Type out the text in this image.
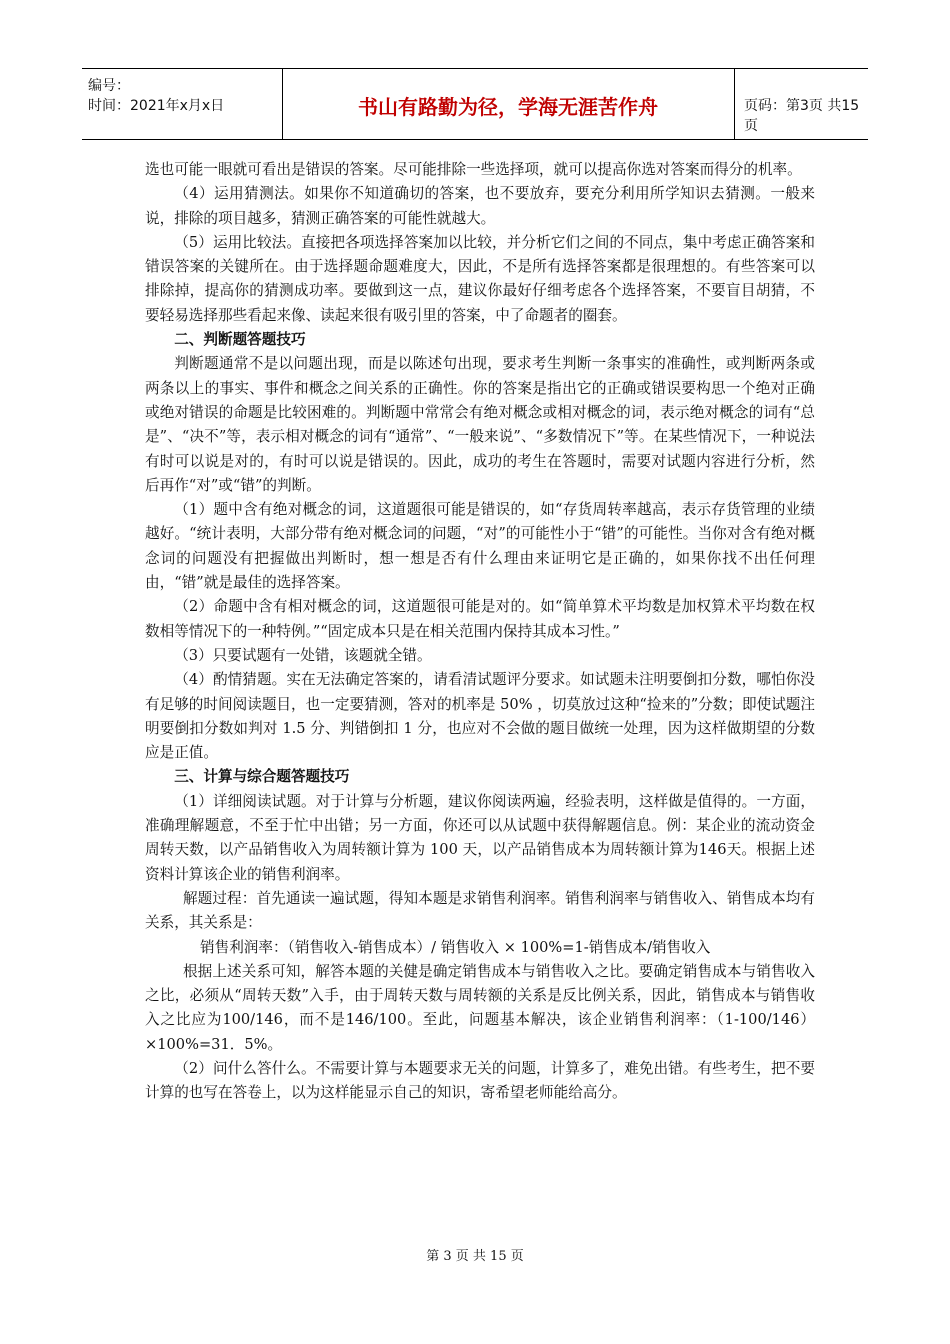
编号：
时间：2021年x月x日	书山有路勤为径，学海无涯苦作舟	页码：第3页 共15页

选也可能一眼就可看出是错误的答案。尽可能排除一些选择项，就可以提高你选对答案而得分的机率。

（4）运用猜测法。如果你不知道确切的答案，也不要放弃，要充分利用所学知识去猜测。一般来说，排除的项目越多，猜测正确答案的可能性就越大。

（5）运用比较法。直接把各项选择答案加以比较，并分析它们之间的不同点，集中考虑正确答案和错误答案的关键所在。由于选择题命题难度大，因此，不是所有选择答案都是很理想的。有些答案可以排除掉，提高你的猜测成功率。要做到这一点，建议你最好仔细考虑各个选择答案，不要盲目胡猜，不要轻易选择那些看起来像、读起来很有吸引里的答案，中了命题者的圈套。

二、判断题答题技巧

判断题通常不是以问题出现，而是以陈述句出现，要求考生判断一条事实的准确性，或判断两条或两条以上的事实、事件和概念之间关系的正确性。你的答案是指出它的正确或错误要构思一个绝对正确或绝对错误的命题是比较困难的。判断题中常常会有绝对概念或相对概念的词，表示绝对概念的词有“总是”、“决不”等，表示相对概念的词有“通常”、“一般来说”、“多数情况下”等。在某些情况下，一种说法有时可以说是对的，有时可以说是错误的。因此，成功的考生在答题时，需要对试题内容进行分析，然后再作“对”或“错”的判断。

（1）题中含有绝对概念的词，这道题很可能是错误的，如“存货周转率越高，表示存货管理的业绩越好。“统计表明，大部分带有绝对概念词的问题，“对”的可能性小于“错”的可能性。当你对含有绝对概念词的问题没有把握做出判断时，想一想是否有什么理由来证明它是正确的，如果你找不出任何理由，“错”就是最佳的选择答案。

（2）命题中含有相对概念的词，这道题很可能是对的。如“简单算术平均数是加权算术平均数在权数相等情况下的一种特例。”“固定成本只是在相关范围内保持其成本习性。”

（3）只要试题有一处错，该题就全错。

（4）酌情猜题。实在无法确定答案的，请看清试题评分要求。如试题未注明要倒扣分数，哪怕你没有足够的时间阅读题目，也一定要猜测，答对的机率是 50% ，切莫放过这种“捡来的”分数；即使试题注明要倒扣分数如判对 1.5 分、判错倒扣 1 分，也应对不会做的题目做统一处理，因为这样做期望的分数应是正值。

三、计算与综合题答题技巧

（1）详细阅读试题。对于计算与分析题，建议你阅读两遍，经验表明，这样做是值得的。一方面，准确理解题意，不至于忙中出错；另一方面，你还可以从试题中获得解题信息。例：某企业的流动资金周转天数，以产品销售收入为周转额计算为 100 天，以产品销售成本为周转额计算为146天。根据上述资料计算该企业的销售利润率。

解题过程：首先通读一遍试题，得知本题是求销售利润率。销售利润率与销售收入、销售成本均有关系，其关系是：

销售利润率：（销售收入-销售成本）/ 销售收入 × 100%=1-销售成本/销售收入

根据上述关系可知，解答本题的关健是确定销售成本与销售收入之比。要确定销售成本与销售收入之比，必须从“周转天数”入手，由于周转天数与周转额的关系是反比例关系，因此，销售成本与销售收入之比应为100/146，而不是146/100。至此，问题基本解决，该企业销售利润率：（1-100/146）×100%=31．5%。

（2）问什么答什么。不需要计算与本题要求无关的问题，计算多了，难免出错。有些考生，把不要计算的也写在答卷上，以为这样能显示自己的知识，寄希望老师能给高分。

第 3 页 共 15 页
